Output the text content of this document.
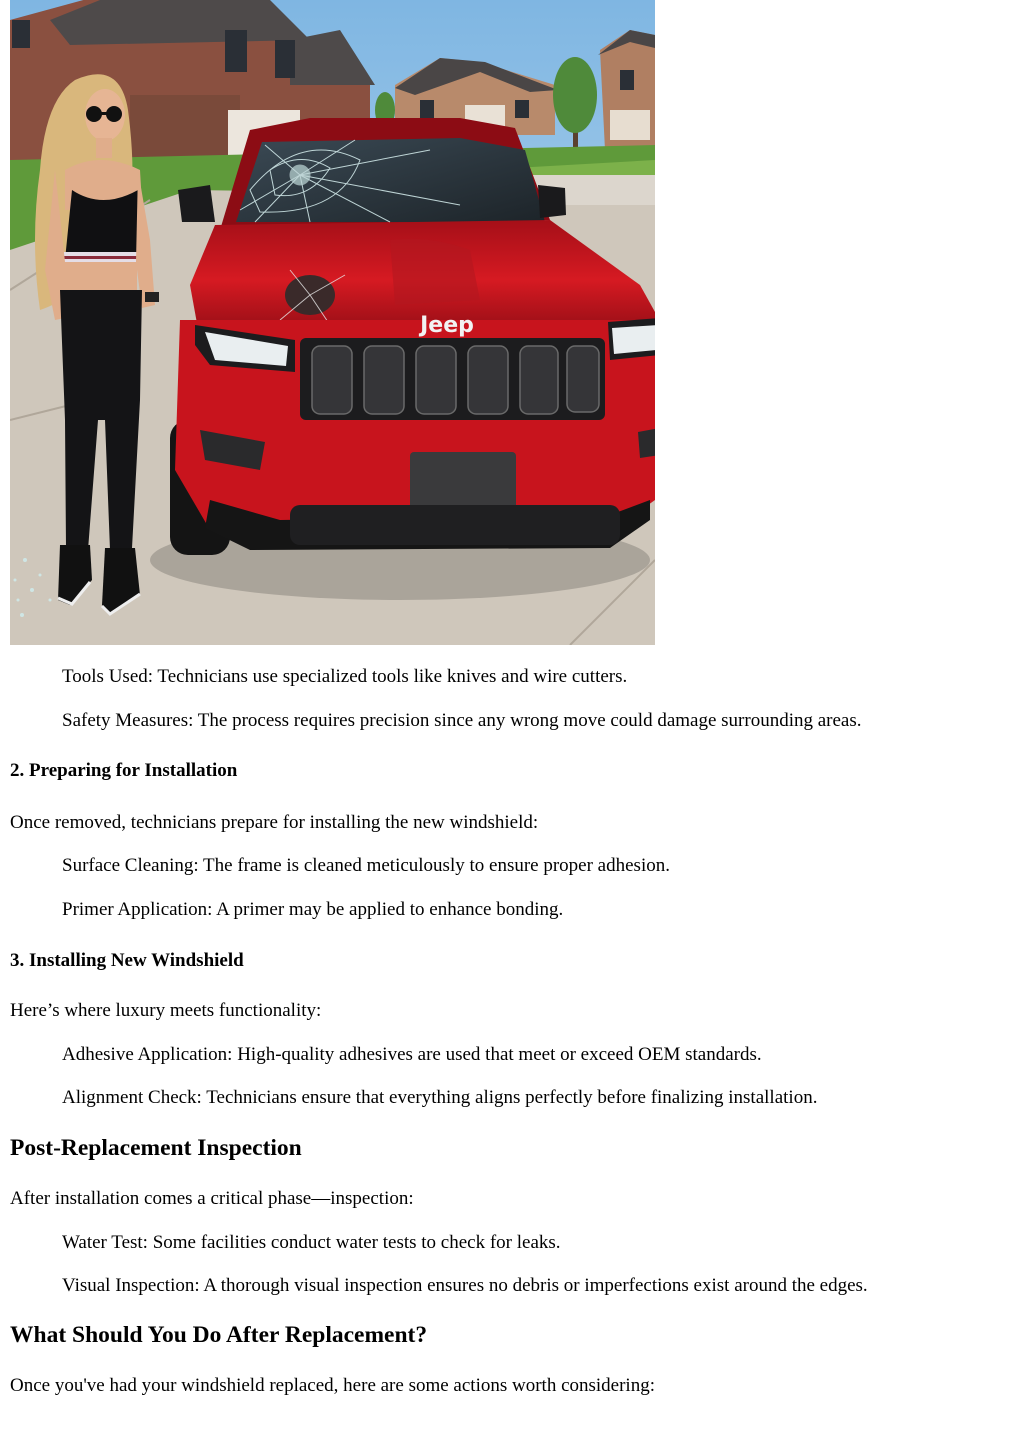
Jeep
Tools Used: Technicians use specialized tools like knives and wire cutters.
Safety Measures: The process requires precision since any wrong move could damage surrounding areas.
2. Preparing for Installation
Once removed, technicians prepare for installing the new windshield:
Surface Cleaning: The frame is cleaned meticulously to ensure proper adhesion.
Primer Application: A primer may be applied to enhance bonding.
3. Installing New Windshield
Here’s where luxury meets functionality:
Adhesive Application: High-quality adhesives are used that meet or exceed OEM standards.
Alignment Check: Technicians ensure that everything aligns perfectly before finalizing installation.
Post-Replacement Inspection
After installation comes a critical phase—inspection:
Water Test: Some facilities conduct water tests to check for leaks.
Visual Inspection: A thorough visual inspection ensures no debris or imperfections exist around the edges.
What Should You Do After Replacement?
Once you've had your windshield replaced, here are some actions worth considering:
